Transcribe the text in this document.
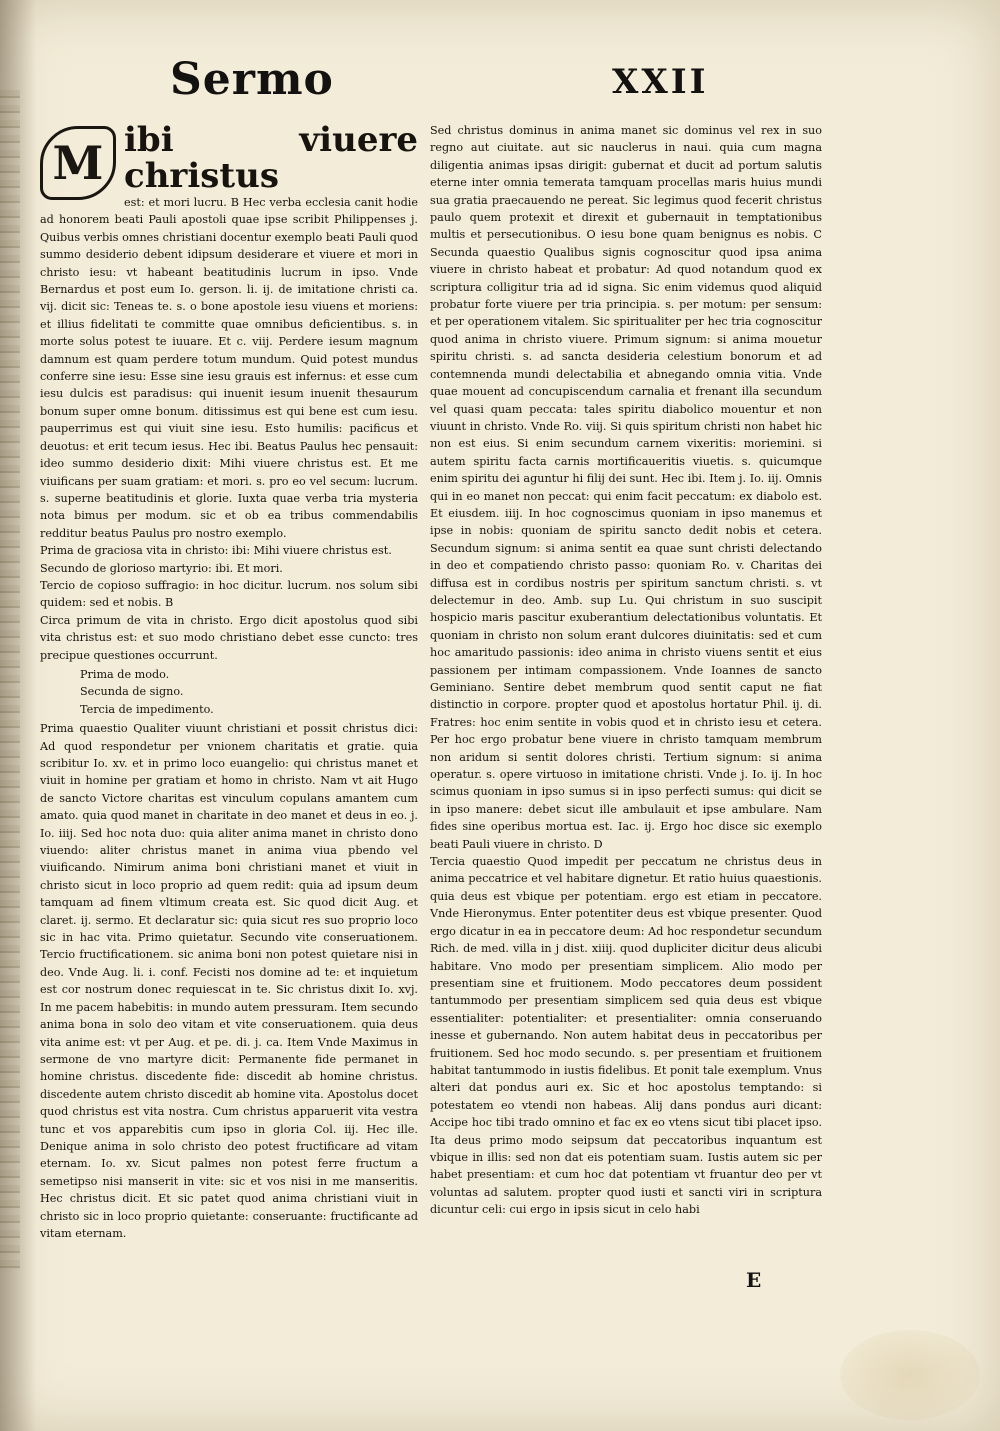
Sermo	XXII
M ibi viuere christus

est: et mori lucru. B Hec verba ecclesia canit hodie ad honorem beati Pauli apostoli quae ipse scribit Philippenses j. Quibus verbis omnes christiani docentur exemplo beati Pauli quod summo desiderio debent idipsum desiderare et viuere et mori in christo iesu: vt habeant beatitudinis lucrum in ipso. Vnde Bernardus et post eum Io. gerson. li. ij. de imitatione christi ca. vij. dicit sic: Teneas te. s. o bone apostole iesu viuens et moriens: et illius fidelitati te committe quae omnibus deficientibus. s. in morte solus potest te iuuare. Et c. viij. Perdere iesum magnum damnum est quam perdere totum mundum. Quid potest mundus conferre sine iesu: Esse sine iesu grauis est infernus: et esse cum iesu dulcis est paradisus: qui inuenit iesum inuenit thesaurum bonum super omne bonum. ditissimus est qui bene est cum iesu. pauperrimus est qui viuit sine iesu. Esto humilis: pacificus et deuotus: et erit tecum iesus. Hec ibi. Beatus Paulus hec pensauit: ideo summo desiderio dixit: Mihi viuere christus est. Et me viuificans per suam gratiam: et mori. s. pro eo vel secum: lucrum. s. superne beatitudinis et glorie. Iuxta quae verba tria mysteria nota bimus per modum. sic et ob ea tribus commendabilis redditur beatus Paulus pro nostro exemplo.

Prima de graciosa vita in christo: ibi: Mihi viuere christus est.

Secundo de glorioso martyrio: ibi. Et mori.

Tercio de copioso suffragio: in hoc dicitur. lucrum. nos solum sibi quidem: sed et nobis. B

Circa primum de vita in christo. Ergo dicit apostolus quod sibi vita christus est: et suo modo christiano debet esse cuncto: tres precipue questiones occurrunt.

Prima de modo.

Secunda de signo.

Tercia de impedimento.

Prima quaestio Qualiter viuunt christiani et possit christus dici: Ad quod respondetur per vnionem charitatis et gratie. quia scribitur Io. xv. et in primo loco euangelio: qui christus manet et viuit in homine per gratiam et homo in christo. Nam vt ait Hugo de sancto Victore charitas est vinculum copulans amantem cum amato. quia quod manet in charitate in deo manet et deus in eo. j. Io. iiij. Sed hoc nota duo: quia aliter anima manet in christo dono viuendo: aliter christus manet in anima viua pbendo vel viuificando. Nimirum anima boni christiani manet et viuit in christo sicut in loco proprio ad quem redit: quia ad ipsum deum tamquam ad finem vltimum creata est. Sic quod dicit Aug. et claret. ij. sermo. Et declaratur sic: quia sicut res suo proprio loco sic in hac vita. Primo quietatur. Secundo vite conseruationem. Tercio fructificationem. sic anima boni non potest quietare nisi in deo. Vnde Aug. li. i. conf. Fecisti nos domine ad te: et inquietum est cor nostrum donec requiescat in te. Sic christus dixit Io. xvj. In me pacem habebitis: in mundo autem pressuram. Item secundo anima bona in solo deo vitam et vite conseruationem. quia deus vita anime est: vt per Aug. et pe. di. j. ca. Item Vnde Maximus in sermone de vno martyre dicit: Permanente fide permanet in homine christus. discedente fide: discedit ab homine christus. discedente autem christo discedit ab homine vita. Apostolus docet quod christus est vita nostra. Cum christus apparuerit vita vestra tunc et vos apparebitis cum ipso in gloria Col. iij. Hec ille. Denique anima in solo christo deo potest fructificare ad vitam eternam. Io. xv. Sicut palmes non potest ferre fructum a semetipso nisi manserit in vite: sic et vos nisi in me manseritis. Hec christus dicit. Et sic patet quod anima christiani viuit in christo sic in loco proprio quietante: conseruante: fructificante ad vitam eternam.

Sed christus dominus in anima manet sic dominus vel rex in suo regno aut ciuitate. aut sic nauclerus in naui. quia cum magna diligentia animas ipsas dirigit: gubernat et ducit ad portum salutis eterne inter omnia temerata tamquam procellas maris huius mundi sua gratia praecauendo ne pereat. Sic legimus quod fecerit christus paulo quem protexit et direxit et gubernauit in temptationibus multis et persecutionibus. O iesu bone quam benignus es nobis. C Secunda quaestio Qualibus signis cognoscitur quod ipsa anima viuere in christo habeat et probatur: Ad quod notandum quod ex scriptura colligitur tria ad id signa. Sic enim videmus quod aliquid probatur forte viuere per tria principia. s. per motum: per sensum: et per operationem vitalem. Sic spiritualiter per hec tria cognoscitur quod anima in christo viuere. Primum signum: si anima mouetur spiritu christi. s. ad sancta desideria celestium bonorum et ad contemnenda mundi delectabilia et abnegando omnia vitia. Vnde quae mouent ad concupiscendum carnalia et frenant illa secundum vel quasi quam peccata: tales spiritu diabolico mouentur et non viuunt in christo. Vnde Ro. viij. Si quis spiritum christi non habet hic non est eius. Si enim secundum carnem vixeritis: moriemini. si autem spiritu facta carnis mortificaueritis viuetis. s. quicumque enim spiritu dei aguntur hi filij dei sunt. Hec ibi. Item j. Io. iij. Omnis qui in eo manet non peccat: qui enim facit peccatum: ex diabolo est. Et eiusdem. iiij. In hoc cognoscimus quoniam in ipso manemus et ipse in nobis: quoniam de spiritu sancto dedit nobis et cetera. Secundum signum: si anima sentit ea quae sunt christi delectando in deo et compatiendo christo passo: quoniam Ro. v. Charitas dei diffusa est in cordibus nostris per spiritum sanctum christi. s. vt delectemur in deo. Amb. sup Lu. Qui christum in suo suscipit hospicio maris pascitur exuberantium delectationibus voluntatis. Et quoniam in christo non solum erant dulcores diuinitatis: sed et cum hoc amaritudo passionis: ideo anima in christo viuens sentit et eius passionem per intimam compassionem. Vnde Ioannes de sancto Geminiano. Sentire debet membrum quod sentit caput ne fiat distinctio in corpore. propter quod et apostolus hortatur Phil. ij. di. Fratres: hoc enim sentite in vobis quod et in christo iesu et cetera. Per hoc ergo probatur bene viuere in christo tamquam membrum non aridum si sentit dolores christi. Tertium signum: si anima operatur. s. opere virtuoso in imitatione christi. Vnde j. Io. ij. In hoc scimus quoniam in ipso sumus si in ipso perfecti sumus: qui dicit se in ipso manere: debet sicut ille ambulauit et ipse ambulare. Nam fides sine operibus mortua est. Iac. ij. Ergo hoc disce sic exemplo beati Pauli viuere in christo. D

Tercia quaestio Quod impedit per peccatum ne christus deus in anima peccatrice et vel habitare dignetur. Et ratio huius quaestionis. quia deus est vbique per potentiam. ergo est etiam in peccatore. Vnde Hieronymus. Enter potentiter deus est vbique presenter. Quod ergo dicatur in ea in peccatore deum: Ad hoc respondetur secundum Rich. de med. villa in j dist. xiiij. quod dupliciter dicitur deus alicubi habitare. Vno modo per presentiam simplicem. Alio modo per presentiam sine et fruitionem. Modo peccatores deum possident tantummodo per presentiam simplicem sed quia deus est vbique essentialiter: potentialiter: et presentialiter: omnia conseruando inesse et gubernando. Non autem habitat deus in peccatoribus per fruitionem. Sed hoc modo secundo. s. per presentiam et fruitionem habitat tantummodo in iustis fidelibus. Et ponit tale exemplum. Vnus alteri dat pondus auri ex. Sic et hoc apostolus temptando: si potestatem eo vtendi non habeas. Alij dans pondus auri dicant: Accipe hoc tibi trado omnino et fac ex eo vtens sicut tibi placet ipso. Ita deus primo modo seipsum dat peccatoribus inquantum est vbique in illis: sed non dat eis potentiam suam. Iustis autem sic per habet presentiam: et cum hoc dat potentiam vt fruantur deo per vt voluntas ad salutem. propter quod iusti et sancti viri in scriptura dicuntur celi: cui ergo in ipsis sicut in celo habi

E
